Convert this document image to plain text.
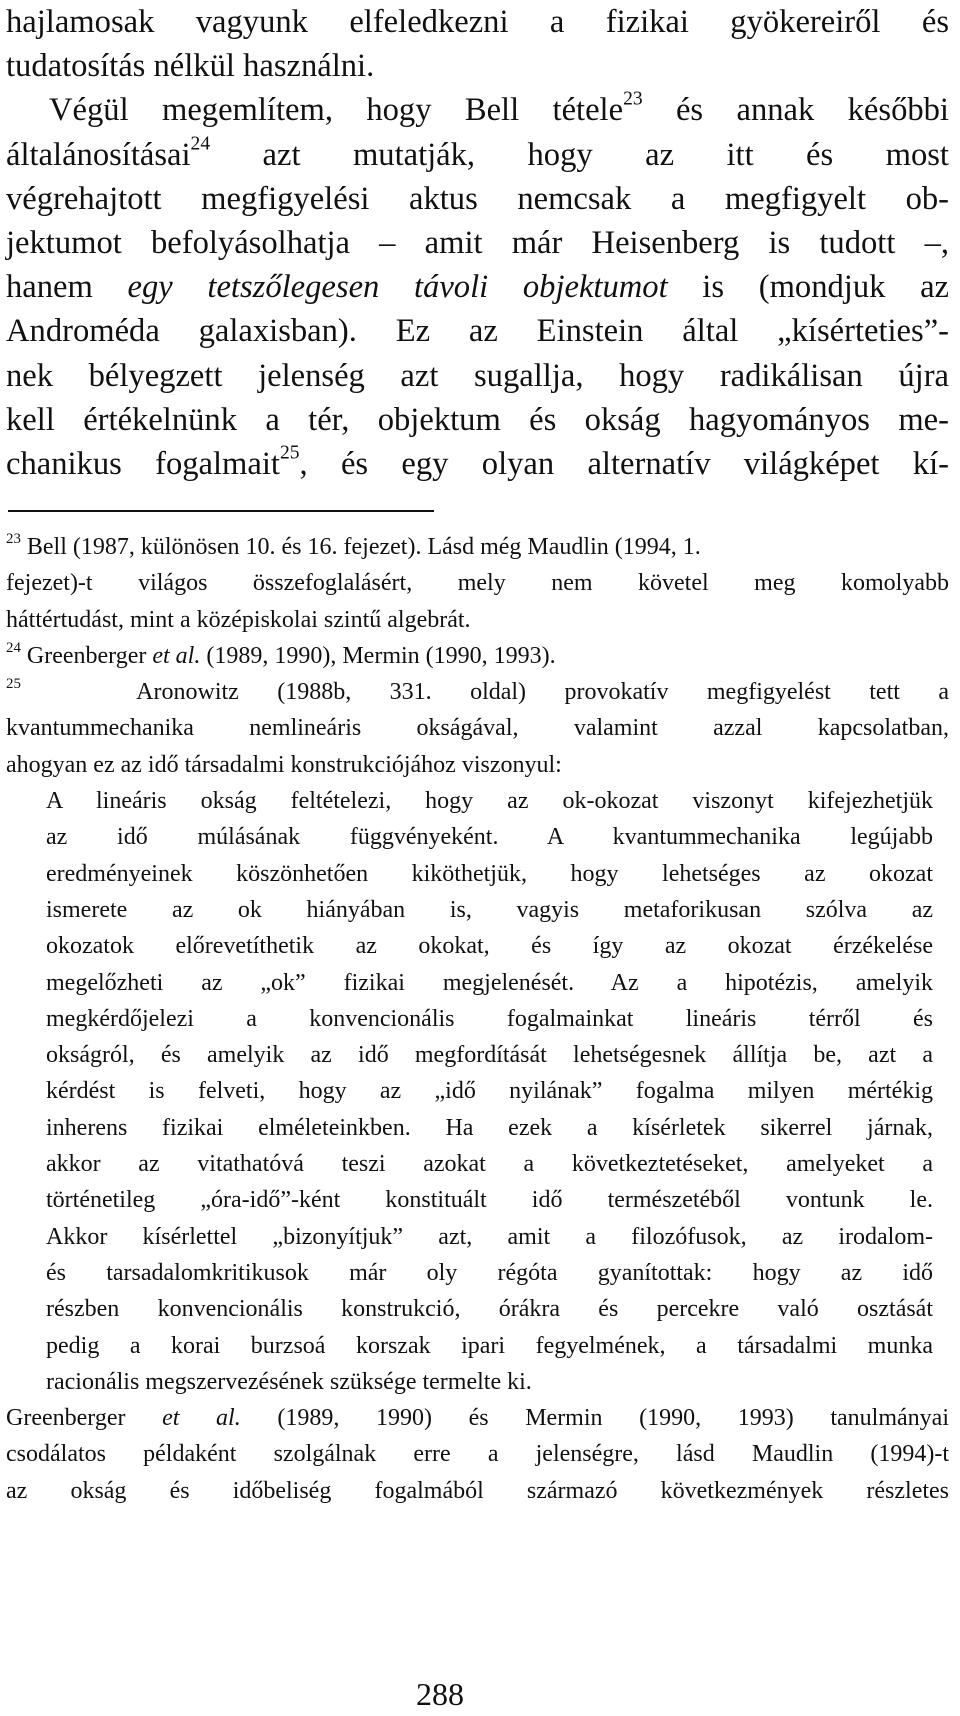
hajlamosak vagyunk elfeledkezni a fizikai gyökereiről és
tudatosítás nélkül használni.
Végül megemlítem, hogy Bell tétele$^{23}$ és annak későbbi
általánosításai$^{24}$ azt mutatják, hogy az itt és most
végrehajtott megfigyelési aktus nemcsak a megfigyelt ob-
jektumot befolyásolhatja – amit már Heisenberg is tudott –,
hanem egy tetszőlegesen távoli objektumot is (mondjuk az
Androméda galaxisban). Ez az Einstein által „kísérteties”-
nek bélyegzett jelenség azt sugallja, hogy radikálisan újra
kell értékelnünk a tér, objektum és okság hagyományos me-
chanikus fogalmait$^{25}$, és egy olyan alternatív világképet kí-
$^{23}$ Bell (1987, különösen 10. és 16. fejezet). Lásd még Maudlin (1994, 1.
fejezet)-t világos összefoglalásért, mely nem követel meg komolyabb
háttértudást, mint a középiskolai szintű algebrát.
$^{24}$ Greenberger et al. (1989, 1990), Mermin (1990, 1993).
$^{25}$	Aronowitz (1988b, 331. oldal) provokatív megfigyelést tett a
kvantummechanika nemlineáris okságával, valamint azzal kapcsolatban,
ahogyan ez az idő társadalmi konstrukciójához viszonyul:
A lineáris okság feltételezi, hogy az ok-okozat viszonyt kifejezhetjük
az idő múlásának függvényeként. A kvantummechanika legújabb
eredményeinek köszönhetően kiköthetjük, hogy lehetséges az okozat
ismerete az ok hiányában is, vagyis metaforikusan szólva az
okozatok előrevetíthetik az okokat, és így az okozat érzékelése
megelőzheti az „ok” fizikai megjelenését. Az a hipotézis, amelyik
megkérdőjelezi a konvencionális fogalmainkat lineáris térről és
okságról, és amelyik az idő megfordítását lehetségesnek állítja be, azt a
kérdést is felveti, hogy az „idő nyilának” fogalma milyen mértékig
inherens fizikai elméleteinkben. Ha ezek a kísérletek sikerrel járnak,
akkor az vitathatóvá teszi azokat a következtetéseket, amelyeket a
történetileg „óra-idő”-ként konstituált idő természetéből vontunk le.
Akkor kísérlettel „bizonyítjuk” azt, amit a filozófusok, az irodalom-
és tarsadalomkritikusok már oly régóta gyanítottak: hogy az idő
részben konvencionális konstrukció, órákra és percekre való osztását
pedig a korai burzsoá korszak ipari fegyelmének, a társadalmi munka
racionális megszervezésének szüksége termelte ki.
Greenberger et al. (1989, 1990) és Mermin (1990, 1993) tanulmányai
csodálatos példaként szolgálnak erre a jelenségre, lásd Maudlin (1994)-t
az okság és időbeliség fogalmából származó következmények részletes
288
